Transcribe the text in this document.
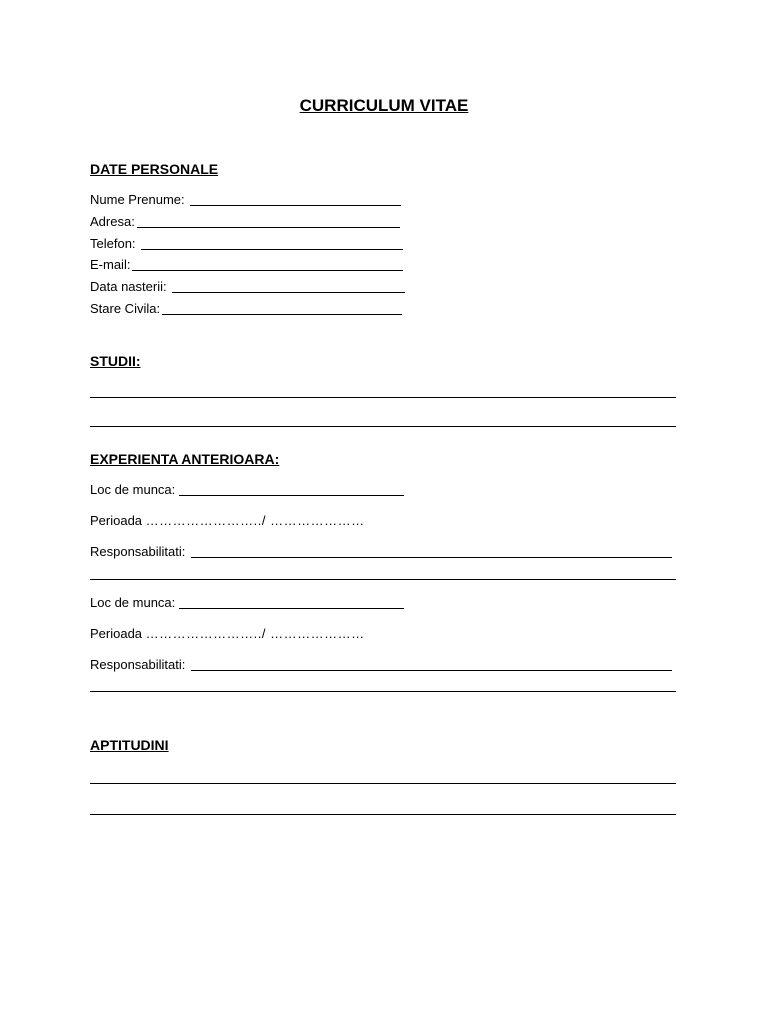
CURRICULUM VITAE
DATE PERSONALE
Nume Prenume:
Adresa:
Telefon:
E-mail:
Data nasterii:
Stare Civila:
STUDII:
EXPERIENTA ANTERIOARA:
Loc de munca:
Perioada ……………………../ …………………
Responsabilitati:
Loc de munca:
Perioada ……………………../ …………………
Responsabilitati:
APTITUDINI
